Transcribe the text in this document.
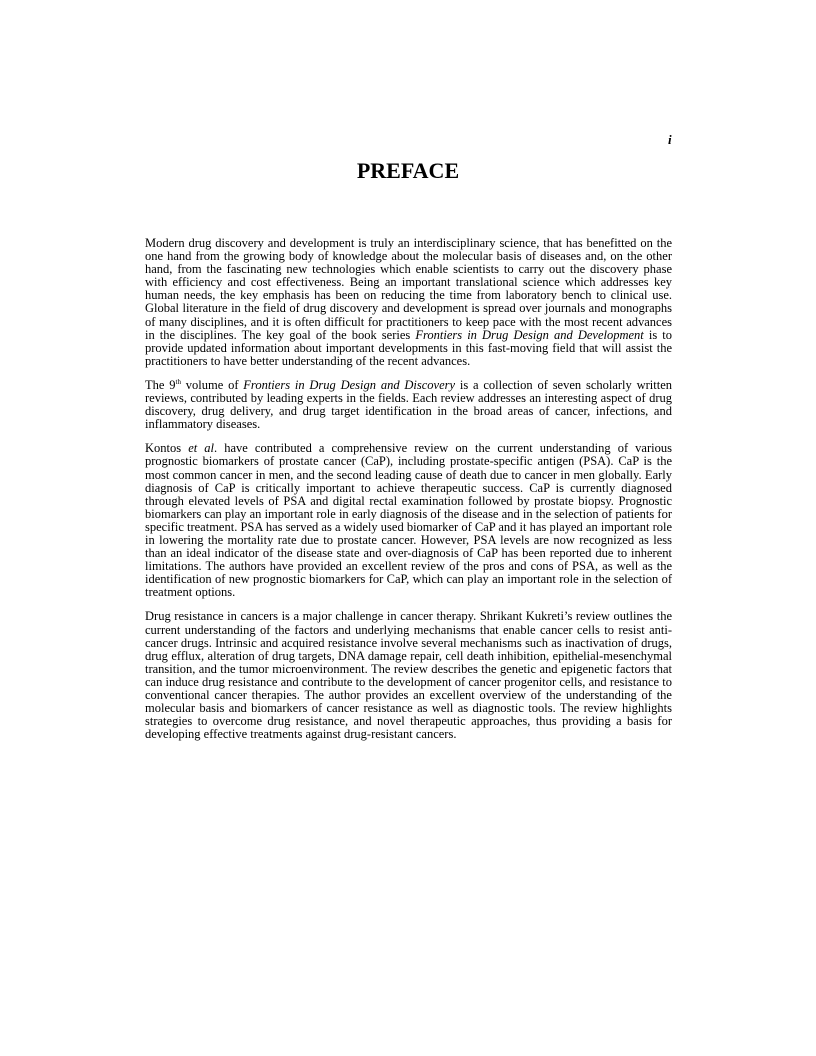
i
PREFACE

Modern drug discovery and development is truly an interdisciplinary science, that has benefitted on the one hand from the growing body of knowledge about the molecular basis of diseases and, on the other hand, from the fascinating new technologies which enable scientists to carry out the discovery phase with efficiency and cost effectiveness. Being an important translational science which addresses key human needs, the key emphasis has been on reducing the time from laboratory bench to clinical use. Global literature in the field of drug discovery and development is spread over journals and monographs of many disciplines, and it is often difficult for practitioners to keep pace with the most recent advances in the disciplines. The key goal of the book series Frontiers in Drug Design and Development is to provide updated information about important developments in this fast-moving field that will assist the practitioners to have better understanding of the recent advances.

The 9th volume of Frontiers in Drug Design and Discovery is a collection of seven scholarly written reviews, contributed by leading experts in the fields. Each review addresses an interesting aspect of drug discovery, drug delivery, and drug target identification in the broad areas of cancer, infections, and inflammatory diseases.

Kontos et al. have contributed a comprehensive review on the current understanding of various prognostic biomarkers of prostate cancer (CaP), including prostate-specific antigen (PSA). CaP is the most common cancer in men, and the second leading cause of death due to cancer in men globally. Early diagnosis of CaP is critically important to achieve therapeutic success. CaP is currently diagnosed through elevated levels of PSA and digital rectal examination followed by prostate biopsy. Prognostic biomarkers can play an important role in early diagnosis of the disease and in the selection of patients for specific treatment. PSA has served as a widely used biomarker of CaP and it has played an important role in lowering the mortality rate due to prostate cancer. However, PSA levels are now recognized as less than an ideal indicator of the disease state and over-diagnosis of CaP has been reported due to inherent limitations. The authors have provided an excellent review of the pros and cons of PSA, as well as the identification of new prognostic biomarkers for CaP, which can play an important role in the selection of treatment options.

Drug resistance in cancers is a major challenge in cancer therapy. Shrikant Kukreti’s review outlines the current understanding of the factors and underlying mechanisms that enable cancer cells to resist anti-cancer drugs. Intrinsic and acquired resistance involve several mechanisms such as inactivation of drugs, drug efflux, alteration of drug targets, DNA damage repair, cell death inhibition, epithelial-mesenchymal transition, and the tumor microenvironment. The review describes the genetic and epigenetic factors that can induce drug resistance and contribute to the development of cancer progenitor cells, and resistance to conventional cancer therapies. The author provides an excellent overview of the understanding of the molecular basis and biomarkers of cancer resistance as well as diagnostic tools. The review highlights strategies to overcome drug resistance, and novel therapeutic approaches, thus providing a basis for developing effective treatments against drug-resistant cancers.
